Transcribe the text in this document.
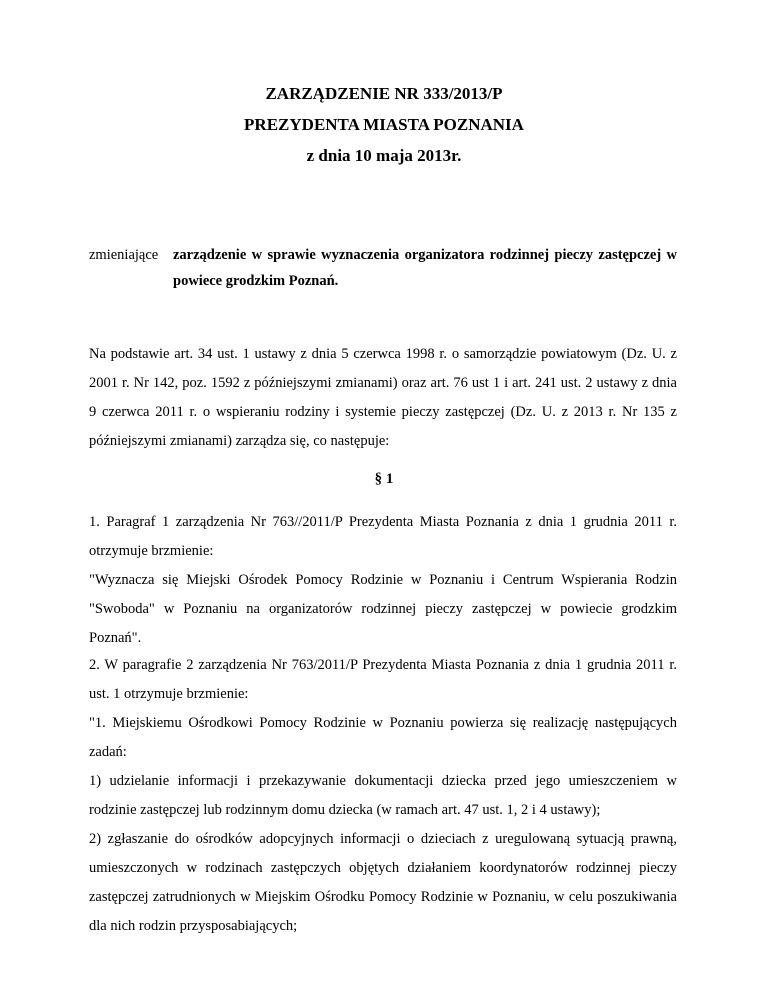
ZARZĄDZENIE NR 333/2013/P
PREZYDENTA MIASTA POZNANIA
z dnia 10 maja 2013r.
zmieniające zarządzenie w sprawie wyznaczenia organizatora rodzinnej pieczy zastępczej w powiece grodzkim Poznań.
Na podstawie art. 34 ust. 1 ustawy z dnia 5 czerwca 1998 r. o samorządzie powiatowym (Dz. U. z 2001 r. Nr 142, poz. 1592 z późniejszymi zmianami) oraz art. 76 ust 1 i art. 241 ust. 2 ustawy z dnia 9 czerwca 2011 r. o wspieraniu rodziny i systemie pieczy zastępczej (Dz. U. z 2013 r. Nr 135 z późniejszymi zmianami) zarządza się, co następuje:
§ 1
1. Paragraf 1 zarządzenia Nr 763//2011/P Prezydenta Miasta Poznania z dnia 1 grudnia 2011 r. otrzymuje brzmienie:
"Wyznacza się Miejski Ośrodek Pomocy Rodzinie w Poznaniu i Centrum Wspierania Rodzin "Swoboda" w Poznaniu na organizatorów rodzinnej pieczy zastępczej w powiecie grodzkim Poznań".
2. W paragrafie 2 zarządzenia Nr 763/2011/P Prezydenta Miasta Poznania z dnia 1 grudnia 2011 r. ust. 1 otrzymuje brzmienie:
"1. Miejskiemu Ośrodkowi Pomocy Rodzinie w Poznaniu powierza się realizację następujących zadań:
1) udzielanie informacji i przekazywanie dokumentacji dziecka przed jego umieszczeniem w rodzinie zastępczej lub rodzinnym domu dziecka (w ramach art. 47 ust. 1, 2 i 4 ustawy);
2) zgłaszanie do ośrodków adopcyjnych informacji o dzieciach z uregulowaną sytuacją prawną, umieszczonych w rodzinach zastępczych objętych działaniem koordynatorów rodzinnej pieczy zastępczej zatrudnionych w Miejskim Ośrodku Pomocy Rodzinie w Poznaniu, w celu poszukiwania dla nich rodzin przysposabiających;
